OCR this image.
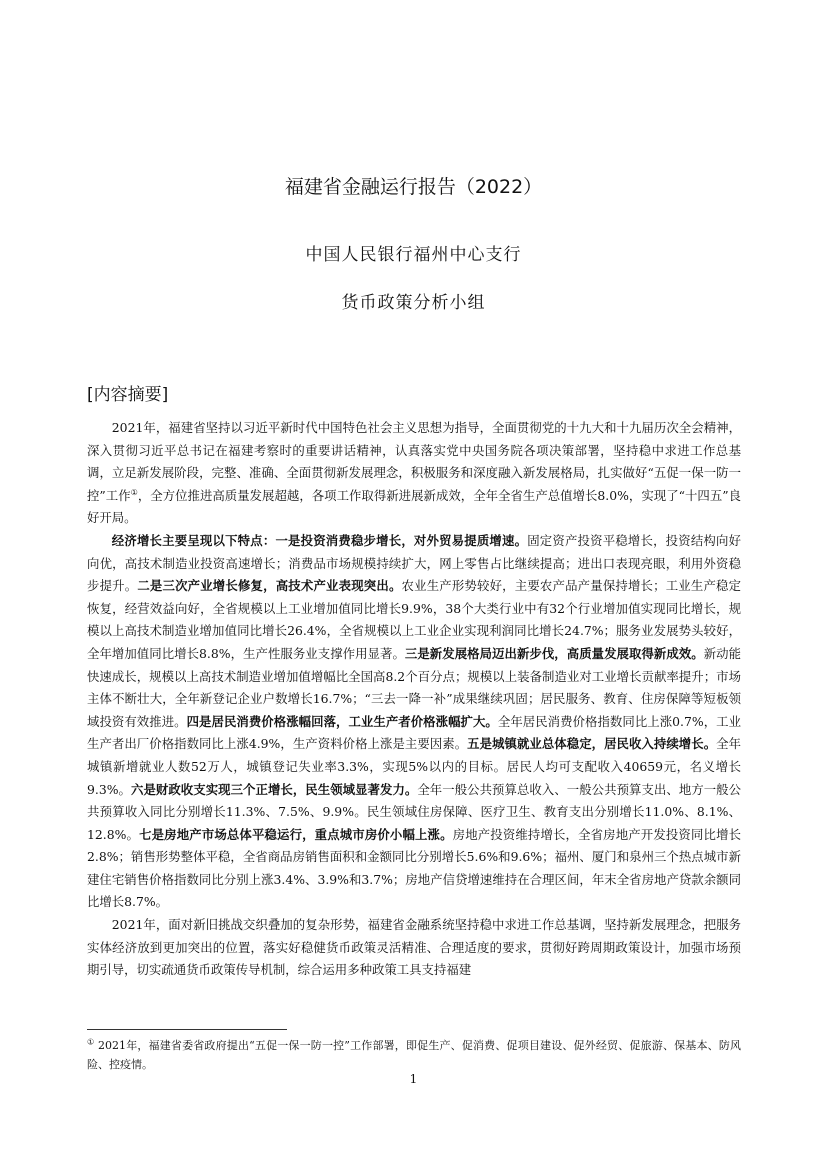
福建省金融运行报告（2022）
中国人民银行福州中心支行
货币政策分析小组
[内容摘要]

2021年，福建省坚持以习近平新时代中国特色社会主义思想为指导，全面贯彻党的十九大和十九届历次全会精神，深入贯彻习近平总书记在福建考察时的重要讲话精神，认真落实党中央国务院各项决策部署，坚持稳中求进工作总基调，立足新发展阶段，完整、准确、全面贯彻新发展理念，积极服务和深度融入新发展格局，扎实做好“五促一保一防一控”工作①，全方位推进高质量发展超越，各项工作取得新进展新成效，全年全省生产总值增长8.0%，实现了“十四五”良好开局。

经济增长主要呈现以下特点：一是投资消费稳步增长，对外贸易提质增速。固定资产投资平稳增长，投资结构向好向优，高技术制造业投资高速增长；消费品市场规模持续扩大，网上零售占比继续提高；进出口表现亮眼，利用外资稳步提升。二是三次产业增长修复，高技术产业表现突出。农业生产形势较好，主要农产品产量保持增长；工业生产稳定恢复，经营效益向好，全省规模以上工业增加值同比增长9.9%，38个大类行业中有32个行业增加值实现同比增长，规模以上高技术制造业增加值同比增长26.4%，全省规模以上工业企业实现利润同比增长24.7%；服务业发展势头较好，全年增加值同比增长8.8%，生产性服务业支撑作用显著。三是新发展格局迈出新步伐，高质量发展取得新成效。新动能快速成长，规模以上高技术制造业增加值增幅比全国高8.2个百分点；规模以上装备制造业对工业增长贡献率提升；市场主体不断壮大，全年新登记企业户数增长16.7%；“三去一降一补”成果继续巩固；居民服务、教育、住房保障等短板领域投资有效推进。四是居民消费价格涨幅回落，工业生产者价格涨幅扩大。全年居民消费价格指数同比上涨0.7%，工业生产者出厂价格指数同比上涨4.9%，生产资料价格上涨是主要因素。五是城镇就业总体稳定，居民收入持续增长。全年城镇新增就业人数52万人，城镇登记失业率3.3%，实现5%以内的目标。居民人均可支配收入40659元，名义增长9.3%。六是财政收支实现三个正增长，民生领域显著发力。全年一般公共预算总收入、一般公共预算支出、地方一般公共预算收入同比分别增长11.3%、7.5%、9.9%。民生领域住房保障、医疗卫生、教育支出分别增长11.0%、8.1%、12.8%。七是房地产市场总体平稳运行，重点城市房价小幅上涨。房地产投资维持增长，全省房地产开发投资同比增长2.8%；销售形势整体平稳，全省商品房销售面积和金额同比分别增长5.6%和9.6%；福州、厦门和泉州三个热点城市新建住宅销售价格指数同比分别上涨3.4%、3.9%和3.7%；房地产信贷增速维持在合理区间，年末全省房地产贷款余额同比增长8.7%。

2021年，面对新旧挑战交织叠加的复杂形势，福建省金融系统坚持稳中求进工作总基调，坚持新发展理念，把服务实体经济放到更加突出的位置，落实好稳健货币政策灵活精准、合理适度的要求，贯彻好跨周期政策设计，加强市场预期引导，切实疏通货币政策传导机制，综合运用多种政策工具支持福建

① 2021年，福建省委省政府提出“五促一保一防一控”工作部署，即促生产、促消费、促项目建设、促外经贸、促旅游、保基本、防风险、控疫情。
1
